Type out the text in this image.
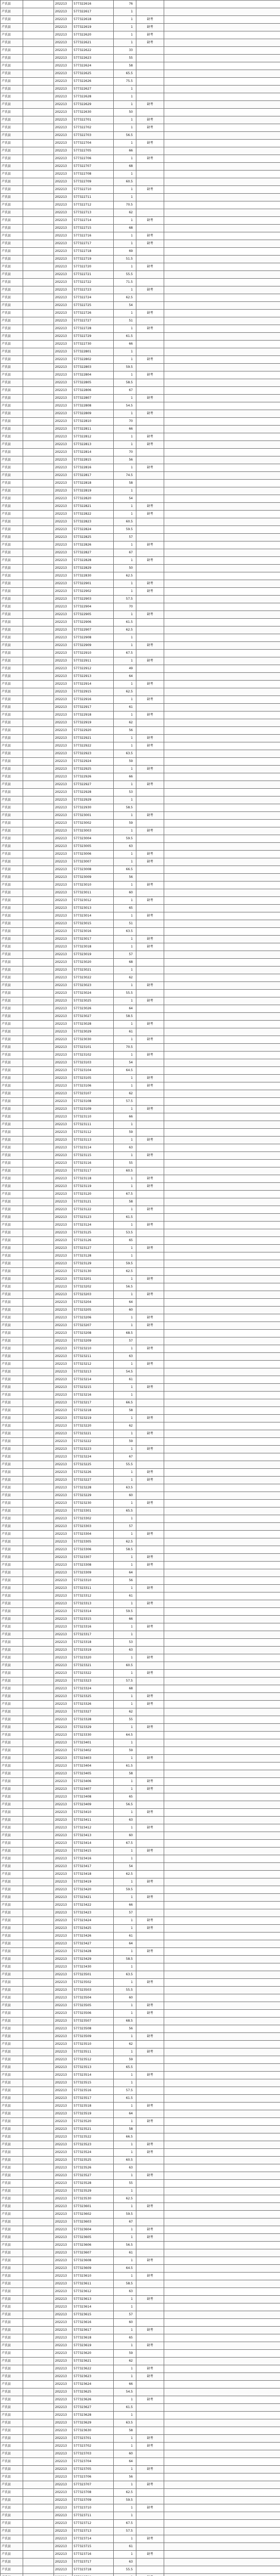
卢氏县		202213	577322616	76		
卢氏县		202213	577322617	1		
卢氏县		202213	577322618	1	缺考	
卢氏县		202213	577322619	1	缺考	
卢氏县		202213	577322620	1	缺考	
卢氏县		202213	577322621	1	缺考	
卢氏县		202213	577322622	33		
卢氏县		202213	577322623	55		
卢氏县		202213	577322624	58		
卢氏县		202213	577322625	65.5		
卢氏县		202213	577322626	75.5		
卢氏县		202213	577322627	1		
卢氏县		202213	577322628	1		
卢氏县		202213	577322629	1	缺考	
卢氏县		202213	577322630	50		
卢氏县		202213	577322701	1	缺考	
卢氏县		202213	577322702	1	缺考	
卢氏县		202213	577322703	56.5		
卢氏县		202213	577322704	1	缺考	
卢氏县		202213	577322705	66		
卢氏县		202213	577322706	1	缺考	
卢氏县		202213	577322707	68		
卢氏县		202213	577322708	1		
卢氏县		202213	577322709	60.5		
卢氏县		202213	577322710	1	缺考	
卢氏县		202213	577322711	1		
卢氏县		202213	577322712	70.5		
卢氏县		202213	577322713	62		
卢氏县		202213	577322714	1	缺考	
卢氏县		202213	577322715	68		
卢氏县		202213	577322716	1	缺考	
卢氏县		202213	577322717	1	缺考	
卢氏县		202213	577322718	69		
卢氏县		202213	577322719	51.5		
卢氏县		202213	577322720	1	缺考	
卢氏县		202213	577322721	55.5		
卢氏县		202213	577322722	71.5		
卢氏县		202213	577322723	1	缺考	
卢氏县		202213	577322724	62.5		
卢氏县		202213	577322725	54		
卢氏县		202213	577322726	1	缺考	
卢氏县		202213	577322727	51		
卢氏县		202213	577322728	1	缺考	
卢氏县		202213	577322729	61.5		
卢氏县		202213	577322730	66		
卢氏县		202213	577322801	1		
卢氏县		202213	577322802	1	缺考	
卢氏县		202213	577322803	59.5		
卢氏县		202213	577322804	1	缺考	
卢氏县		202213	577322805	58.5		
卢氏县		202213	577322806	67		
卢氏县		202213	577322807	1	缺考	
卢氏县		202213	577322808	54.5		
卢氏县		202213	577322809	1	缺考	
卢氏县		202213	577322810	70		
卢氏县		202213	577322811	66		
卢氏县		202213	577322812	1	缺考	
卢氏县		202213	577322813	1	缺考	
卢氏县		202213	577322814	70		
卢氏县		202213	577322815	56		
卢氏县		202213	577322816	1	缺考	
卢氏县		202213	577322817	74.5		
卢氏县		202213	577322818	58		
卢氏县		202213	577322819	1		
卢氏县		202213	577322820	54		
卢氏县		202213	577322821	1	缺考	
卢氏县		202213	577322822	1	缺考	
卢氏县		202213	577322823	60.5		
卢氏县		202213	577322824	59.5		
卢氏县		202213	577322825	57		
卢氏县		202213	577322826	1	缺考	
卢氏县		202213	577322827	67		
卢氏县		202213	577322828	1	缺考	
卢氏县		202213	577322829	50		
卢氏县		202213	577322830	62.5		
卢氏县		202213	577322901	1	缺考	
卢氏县		202213	577322902	1	缺考	
卢氏县		202213	577322903	57.5		
卢氏县		202213	577322904	70		
卢氏县		202213	577322905	1	缺考	
卢氏县		202213	577322906	61.5		
卢氏县		202213	577322907	62.5		
卢氏县		202213	577322908	1		
卢氏县		202213	577322909	1	缺考	
卢氏县		202213	577322910	67.5		
卢氏县		202213	577322911	1	缺考	
卢氏县		202213	577322912	49		
卢氏县		202213	577322913	64		
卢氏县		202213	577322914	1	缺考	
卢氏县		202213	577322915	62.5		
卢氏县		202213	577322916	1	缺考	
卢氏县		202213	577322917	61		
卢氏县		202213	577322918	1	缺考	
卢氏县		202213	577322919	62		
卢氏县		202213	577322920	56		
卢氏县		202213	577322921	1	缺考	
卢氏县		202213	577322922	1	缺考	
卢氏县		202213	577322923	63.5		
卢氏县		202213	577322924	59		
卢氏县		202213	577322925	1	缺考	
卢氏县		202213	577322926	66		
卢氏县		202213	577322927	1	缺考	
卢氏县		202213	577322928	53		
卢氏县		202213	577322929	1		
卢氏县		202213	577322930	58.5		
卢氏县		202213	577323001	1	缺考	
卢氏县		202213	577323002	59		
卢氏县		202213	577323003	1	缺考	
卢氏县		202213	577323004	59.5		
卢氏县		202213	577323005	63		
卢氏县		202213	577323006	1	缺考	
卢氏县		202213	577323007	1	缺考	
卢氏县		202213	577323008	66.5		
卢氏县		202213	577323009	56		
卢氏县		202213	577323010	1	缺考	
卢氏县		202213	577323011	60		
卢氏县		202213	577323012	1	缺考	
卢氏县		202213	577323013	65		
卢氏县		202213	577323014	1	缺考	
卢氏县		202213	577323015	51		
卢氏县		202213	577323016	63.5		
卢氏县		202213	577323017	1	缺考	
卢氏县		202213	577323018	1	缺考	
卢氏县		202213	577323019	57		
卢氏县		202213	577323020	68		
卢氏县		202213	577323021	1		
卢氏县		202213	577323022	62		
卢氏县		202213	577323023	1	缺考	
卢氏县		202213	577323024	55.5		
卢氏县		202213	577323025	1	缺考	
卢氏县		202213	577323026	64		
卢氏县		202213	577323027	58.5		
卢氏县		202213	577323028	1	缺考	
卢氏县		202213	577323029	61		
卢氏县		202213	577323030	1	缺考	
卢氏县		202213	577323101	70.5		
卢氏县		202213	577323102	1	缺考	
卢氏县		202213	577323103	54		
卢氏县		202213	577323104	64.5		
卢氏县		202213	577323105	1	缺考	
卢氏县		202213	577323106	1	缺考	
卢氏县		202213	577323107	62		
卢氏县		202213	577323108	57.5		
卢氏县		202213	577323109	1	缺考	
卢氏县		202213	577323110	66		
卢氏县		202213	577323111	1		
卢氏县		202213	577323112	59		
卢氏县		202213	577323113	1	缺考	
卢氏县		202213	577323114	63		
卢氏县		202213	577323115	1	缺考	
卢氏县		202213	577323116	55		
卢氏县		202213	577323117	60.5		
卢氏县		202213	577323118	1	缺考	
卢氏县		202213	577323119	1	缺考	
卢氏县		202213	577323120	67.5		
卢氏县		202213	577323121	58		
卢氏县		202213	577323122	1	缺考	
卢氏县		202213	577323123	61.5		
卢氏县		202213	577323124	1	缺考	
卢氏县		202213	577323125	53.5		
卢氏县		202213	577323126	65		
卢氏县		202213	577323127	1	缺考	
卢氏县		202213	577323128	1		
卢氏县		202213	577323129	59.5		
卢氏县		202213	577323130	62.5		
卢氏县		202213	577323201	1	缺考	
卢氏县		202213	577323202	56.5		
卢氏县		202213	577323203	1	缺考	
卢氏县		202213	577323204	64		
卢氏县		202213	577323205	60		
卢氏县		202213	577323206	1	缺考	
卢氏县		202213	577323207	1	缺考	
卢氏县		202213	577323208	68.5		
卢氏县		202213	577323209	57		
卢氏县		202213	577323210	1	缺考	
卢氏县		202213	577323211	63		
卢氏县		202213	577323212	1	缺考	
卢氏县		202213	577323213	54.5		
卢氏县		202213	577323214	61		
卢氏县		202213	577323215	1	缺考	
卢氏县		202213	577323216	1		
卢氏县		202213	577323217	66.5		
卢氏县		202213	577323218	58		
卢氏县		202213	577323219	1	缺考	
卢氏县		202213	577323220	62		
卢氏县		202213	577323221	1	缺考	
卢氏县		202213	577323222	59		
卢氏县		202213	577323223	1	缺考	
卢氏县		202213	577323224	67		
卢氏县		202213	577323225	55.5		
卢氏县		202213	577323226	1	缺考	
卢氏县		202213	577323227	1	缺考	
卢氏县		202213	577323228	63.5		
卢氏县		202213	577323229	60		
卢氏县		202213	577323230	1	缺考	
卢氏县		202213	577323301	65.5		
卢氏县		202213	577323302	1		
卢氏县		202213	577323303	57		
卢氏县		202213	577323304	1	缺考	
卢氏县		202213	577323305	62.5		
卢氏县		202213	577323306	58.5		
卢氏县		202213	577323307	1	缺考	
卢氏县		202213	577323308	1	缺考	
卢氏县		202213	577323309	64		
卢氏县		202213	577323310	56		
卢氏县		202213	577323311	1	缺考	
卢氏县		202213	577323312	61		
卢氏县		202213	577323313	1	缺考	
卢氏县		202213	577323314	59.5		
卢氏县		202213	577323315	66		
卢氏县		202213	577323316	1	缺考	
卢氏县		202213	577323317	1		
卢氏县		202213	577323318	53		
卢氏县		202213	577323319	63		
卢氏县		202213	577323320	1	缺考	
卢氏县		202213	577323321	60.5		
卢氏县		202213	577323322	1	缺考	
卢氏县		202213	577323323	57.5		
卢氏县		202213	577323324	68		
卢氏县		202213	577323325	1	缺考	
卢氏县		202213	577323326	1	缺考	
卢氏县		202213	577323327	62		
卢氏县		202213	577323328	55		
卢氏县		202213	577323329	1	缺考	
卢氏县		202213	577323330	64.5		
卢氏县		202213	577323401	1		
卢氏县		202213	577323402	59		
卢氏县		202213	577323403	1	缺考	
卢氏县		202213	577323404	61.5		
卢氏县		202213	577323405	58		
卢氏县		202213	577323406	1	缺考	
卢氏县		202213	577323407	1	缺考	
卢氏县		202213	577323408	65		
卢氏县		202213	577323409	56.5		
卢氏县		202213	577323410	1	缺考	
卢氏县		202213	577323411	63		
卢氏县		202213	577323412	1	缺考	
卢氏县		202213	577323413	60		
卢氏县		202213	577323414	67.5		
卢氏县		202213	577323415	1	缺考	
卢氏县		202213	577323416	1		
卢氏县		202213	577323417	54		
卢氏县		202213	577323418	62.5		
卢氏县		202213	577323419	1	缺考	
卢氏县		202213	577323420	59.5		
卢氏县		202213	577323421	1	缺考	
卢氏县		202213	577323422	66		
卢氏县		202213	577323423	57		
卢氏县		202213	577323424	1	缺考	
卢氏县		202213	577323425	1	缺考	
卢氏县		202213	577323426	61		
卢氏县		202213	577323427	64		
卢氏县		202213	577323428	1	缺考	
卢氏县		202213	577323429	58.5		
卢氏县		202213	577323430	1		
卢氏县		202213	577323501	63.5		
卢氏县		202213	577323502	1	缺考	
卢氏县		202213	577323503	55.5		
卢氏县		202213	577323504	60		
卢氏县		202213	577323505	1	缺考	
卢氏县		202213	577323506	1	缺考	
卢氏县		202213	577323507	68.5		
卢氏县		202213	577323508	56		
卢氏县		202213	577323509	1	缺考	
卢氏县		202213	577323510	62		
卢氏县		202213	577323511	1	缺考	
卢氏县		202213	577323512	59		
卢氏县		202213	577323513	65.5		
卢氏县		202213	577323514	1	缺考	
卢氏县		202213	577323515	1		
卢氏县		202213	577323516	57.5		
卢氏县		202213	577323517	61.5		
卢氏县		202213	577323518	1	缺考	
卢氏县		202213	577323519	64		
卢氏县		202213	577323520	1	缺考	
卢氏县		202213	577323521	58		
卢氏县		202213	577323522	66.5		
卢氏县		202213	577323523	1	缺考	
卢氏县		202213	577323524	1	缺考	
卢氏县		202213	577323525	60.5		
卢氏县		202213	577323526	63		
卢氏县		202213	577323527	1	缺考	
卢氏县		202213	577323528	55		
卢氏县		202213	577323529	1		
卢氏县		202213	577323530	62.5		
卢氏县		202213	577323601	1	缺考	
卢氏县		202213	577323602	59.5		
卢氏县		202213	577323603	67		
卢氏县		202213	577323604	1	缺考	
卢氏县		202213	577323605	1	缺考	
卢氏县		202213	577323606	56.5		
卢氏县		202213	577323607	61		
卢氏县		202213	577323608	1	缺考	
卢氏县		202213	577323609	64.5		
卢氏县		202213	577323610	1	缺考	
卢氏县		202213	577323611	58.5		
卢氏县		202213	577323612	63		
卢氏县		202213	577323613	1	缺考	
卢氏县		202213	577323614	1		
卢氏县		202213	577323615	57		
卢氏县		202213	577323616	60		
卢氏县		202213	577323617	1	缺考	
卢氏县		202213	577323618	65		
卢氏县		202213	577323619	1	缺考	
卢氏县		202213	577323620	59		
卢氏县		202213	577323621	62		
卢氏县		202213	577323622	1	缺考	
卢氏县		202213	577323623	1	缺考	
卢氏县		202213	577323624	66		
卢氏县		202213	577323625	54.5		
卢氏县		202213	577323626	1	缺考	
卢氏县		202213	577323627	61.5		
卢氏县		202213	577323628	1		
卢氏县		202213	577323629	63.5		
卢氏县		202213	577323630	58		
卢氏县		202213	577323701	1	缺考	
卢氏县		202213	577323702	1	缺考	
卢氏县		202213	577323703	60		
卢氏县		202213	577323704	64		
卢氏县		202213	577323705	1	缺考	
卢氏县		202213	577323706	56		
卢氏县		202213	577323707	1	缺考	
卢氏县		202213	577323708	62.5		
卢氏县		202213	577323709	59.5		
卢氏县		202213	577323710	1	缺考	
卢氏县		202213	577323711	1		
卢氏县		202213	577323712	67.5		
卢氏县		202213	577323713	57.5		
卢氏县		202213	577323714	1	缺考	
卢氏县		202213	577323715	61		
卢氏县		202213	577323716	1	缺考	
卢氏县		202213	577323717	63		
卢氏县		202213	577323718	55.5		
